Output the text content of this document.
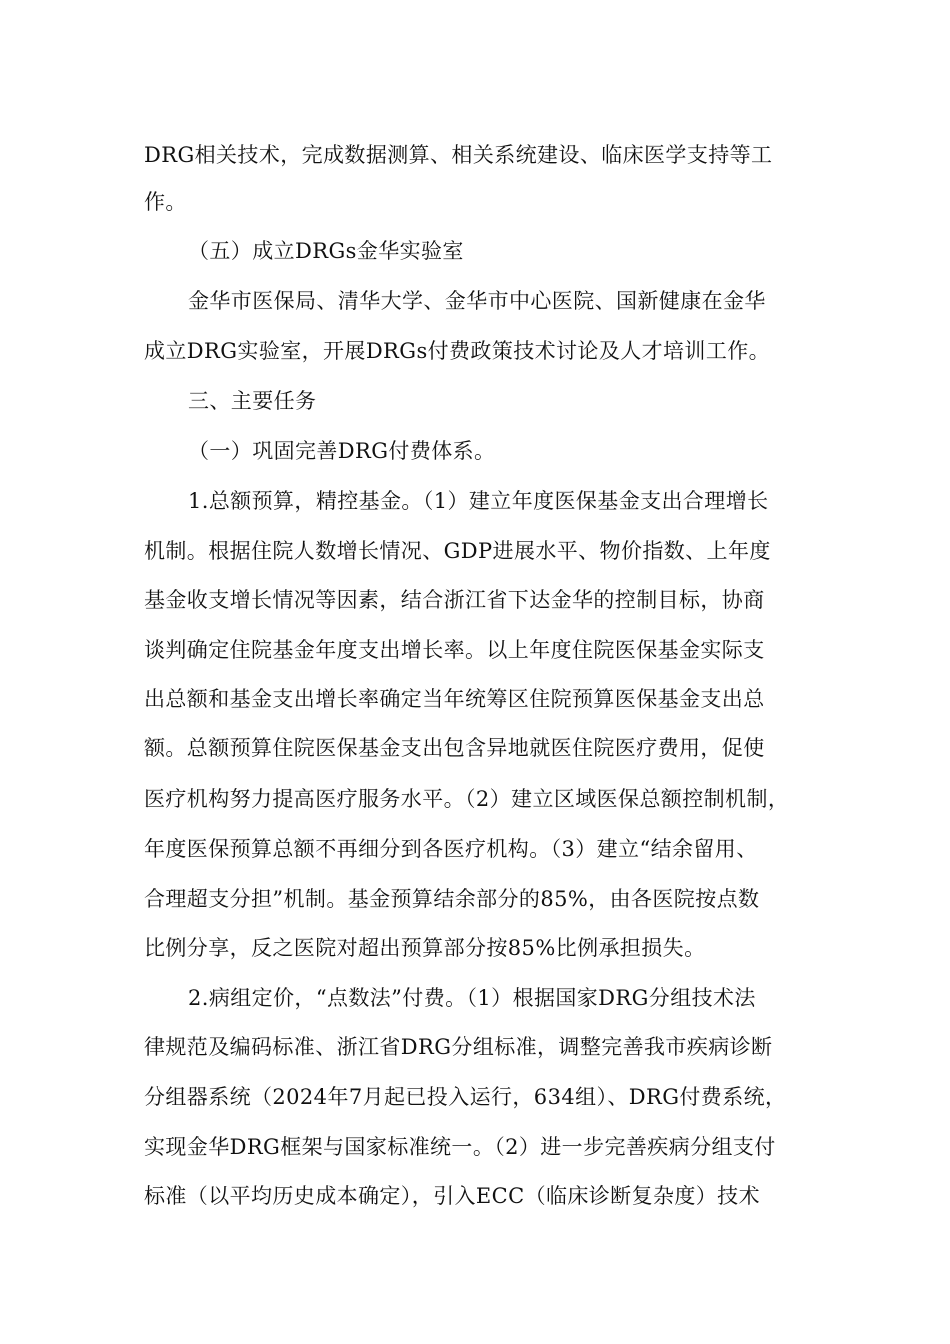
DRG相关技术，完成数据测算、相关系统建设、临床医学支持等工
作。
（五）成立DRGs金华实验室
金华市医保局、清华大学、金华市中心医院、国新健康在金华
成立DRG实验室，开展DRGs付费政策技术讨论及人才培训工作。
三、主要任务
（一）巩固完善DRG付费体系。
1.总额预算，精控基金。（1）建立年度医保基金支出合理增长
机制。根据住院人数增长情况、GDP进展水平、物价指数、上年度
基金收支增长情况等因素，结合浙江省下达金华的控制目标，协商
谈判确定住院基金年度支出增长率。以上年度住院医保基金实际支
出总额和基金支出增长率确定当年统筹区住院预算医保基金支出总
额。总额预算住院医保基金支出包含异地就医住院医疗费用，促使
医疗机构努力提高医疗服务水平。（2）建立区域医保总额控制机制，
年度医保预算总额不再细分到各医疗机构。（3）建立“结余留用、
合理超支分担”机制。基金预算结余部分的85%，由各医院按点数
比例分享，反之医院对超出预算部分按85%比例承担损失。
2.病组定价，“点数法”付费。（1）根据国家DRG分组技术法
律规范及编码标准、浙江省DRG分组标准，调整完善我市疾病诊断
分组器系统（2024年7月起已投入运行，634组）、DRG付费系统，
实现金华DRG框架与国家标准统一。（2）进一步完善疾病分组支付
标准（以平均历史成本确定），引入ECC（临床诊断复杂度）技术
